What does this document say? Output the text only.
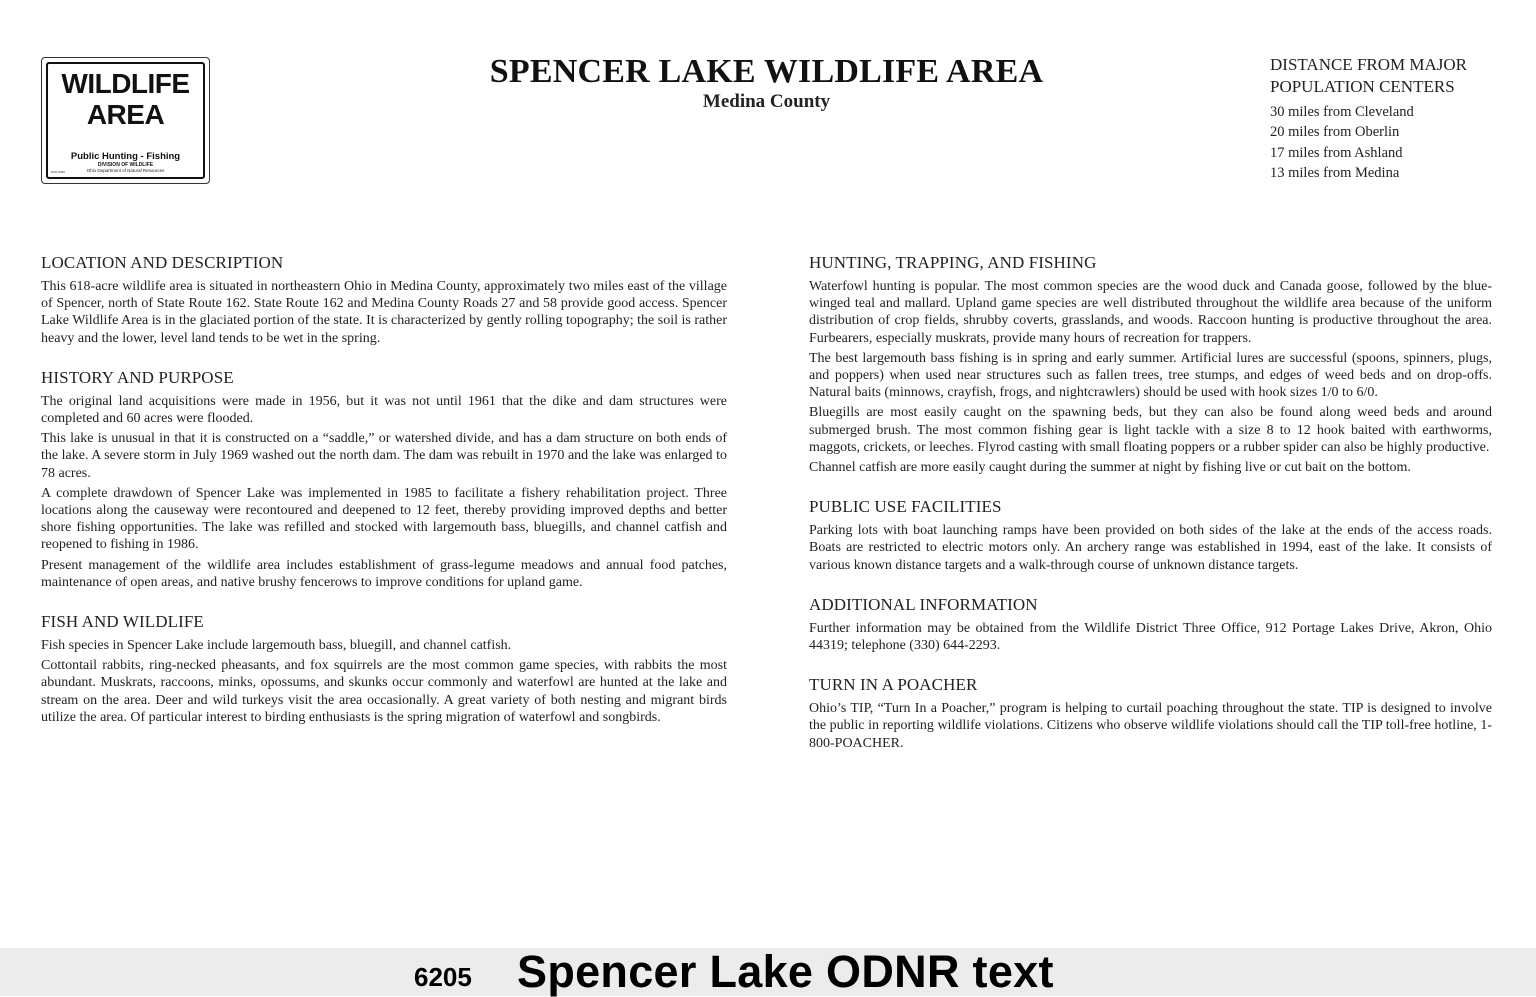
WILDLIFE
AREA
Public Hunting - Fishing
DIVISION OF WILDLIFE
Ohio Department of Natural Resources
DNR 8886
SPENCER LAKE WILDLIFE AREA
Medina County
DISTANCE FROM MAJOR
POPULATION CENTERS
30 miles from Cleveland
20 miles from Oberlin
17 miles from Ashland
13 miles from Medina
LOCATION AND DESCRIPTION

This 618-acre wildlife area is situated in northeastern Ohio in Medina County, approximately two miles east of the village of Spencer, north of State Route 162. State Route 162 and Medina County Roads 27 and 58 provide good access. Spencer Lake Wildlife Area is in the glaciated portion of the state. It is characterized by gently rolling topography; the soil is rather heavy and the lower, level land tends to be wet in the spring.

HISTORY AND PURPOSE

The original land acquisitions were made in 1956, but it was not until 1961 that the dike and dam structures were completed and 60 acres were flooded.

This lake is unusual in that it is constructed on a “saddle,” or watershed divide, and has a dam structure on both ends of the lake. A severe storm in July 1969 washed out the north dam. The dam was rebuilt in 1970 and the lake was enlarged to 78 acres.

A complete drawdown of Spencer Lake was implemented in 1985 to facilitate a fishery rehabilitation project. Three locations along the causeway were recontoured and deepened to 12 feet, thereby providing improved depths and better shore fishing opportunities. The lake was refilled and stocked with largemouth bass, bluegills, and channel catfish and reopened to fishing in 1986.

Present management of the wildlife area includes establishment of grass-legume meadows and annual food patches, maintenance of open areas, and native brushy fencerows to improve conditions for upland game.

FISH AND WILDLIFE

Fish species in Spencer Lake include largemouth bass, bluegill, and channel catfish.

Cottontail rabbits, ring-necked pheasants, and fox squirrels are the most common game species, with rabbits the most abundant. Muskrats, raccoons, minks, opossums, and skunks occur commonly and waterfowl are hunted at the lake and stream on the area. Deer and wild turkeys visit the area occasionally. A great variety of both nesting and migrant birds utilize the area. Of particular interest to birding enthusiasts is the spring migration of waterfowl and songbirds.

HUNTING, TRAPPING, AND FISHING

Waterfowl hunting is popular. The most common species are the wood duck and Canada goose, followed by the blue-winged teal and mallard. Upland game species are well distributed throughout the wildlife area because of the uniform distribution of crop fields, shrubby coverts, grasslands, and woods. Raccoon hunting is productive throughout the area. Furbearers, especially muskrats, provide many hours of recreation for trappers.

The best largemouth bass fishing is in spring and early summer. Artificial lures are successful (spoons, spinners, plugs, and poppers) when used near structures such as fallen trees, tree stumps, and edges of weed beds and on drop-offs. Natural baits (minnows, crayfish, frogs, and nightcrawlers) should be used with hook sizes 1/0 to 6/0.

Bluegills are most easily caught on the spawning beds, but they can also be found along weed beds and around submerged brush. The most common fishing gear is light tackle with a size 8 to 12 hook baited with earthworms, maggots, crickets, or leeches. Flyrod casting with small floating poppers or a rubber spider can also be highly productive.

Channel catfish are more easily caught during the summer at night by fishing live or cut bait on the bottom.

PUBLIC USE FACILITIES

Parking lots with boat launching ramps have been provided on both sides of the lake at the ends of the access roads. Boats are restricted to electric motors only. An archery range was established in 1994, east of the lake. It consists of various known distance targets and a walk-through course of unknown distance targets.

ADDITIONAL INFORMATION

Further information may be obtained from the Wildlife District Three Office, 912 Portage Lakes Drive, Akron, Ohio 44319; telephone (330) 644-2293.

TURN IN A POACHER

Ohio’s TIP, “Turn In a Poacher,” program is helping to curtail poaching throughout the state. TIP is designed to involve the public in reporting wildlife violations. Citizens who observe wildlife violations should call the TIP toll-free hotline, 1-800-POACHER.

6205 Spencer Lake ODNR text
